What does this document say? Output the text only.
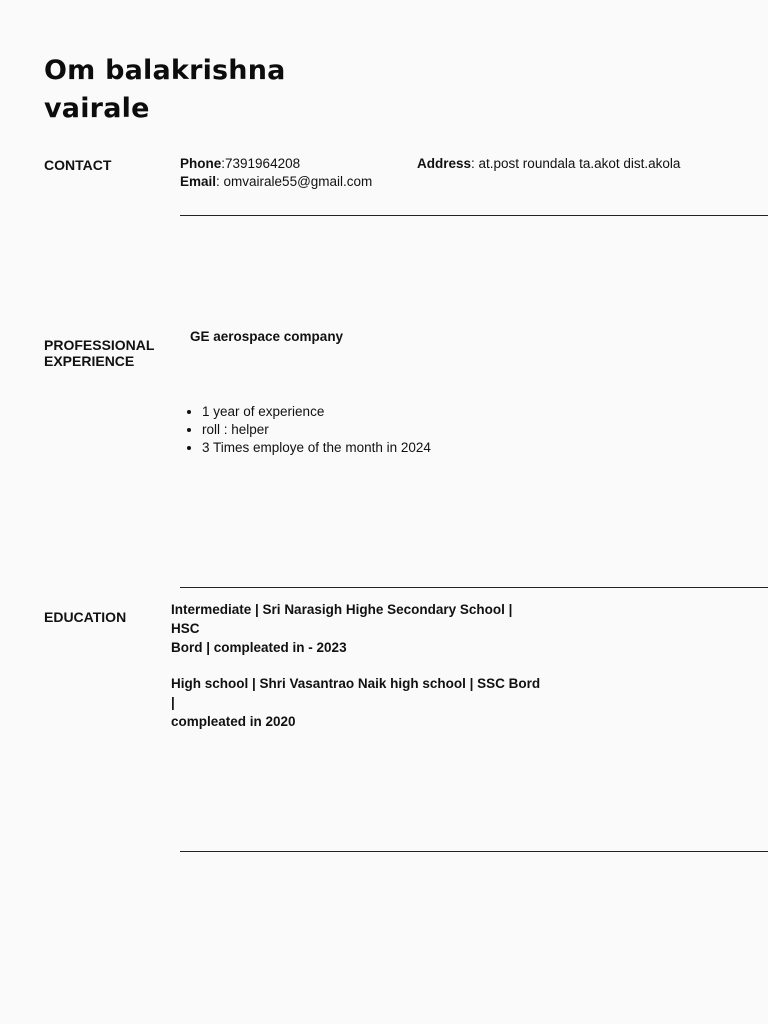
Om balakrishna
vairale
CONTACT	Phone:7391964208
Email: omvairale55@gmail.com
Address: at.post roundala ta.akot dist.akola
PROFESSIONAL
EXPERIENCE
GE aerospace company
• 1 year of experience
• roll : helper
• 3 Times employe of the month in 2024
EDUCATION	Intermediate | Sri Narasigh Highe Secondary School | HSC
Bord | compleated in - 2023
High school | Shri Vasantrao Naik high school | SSC Bord |
compleated in 2020
